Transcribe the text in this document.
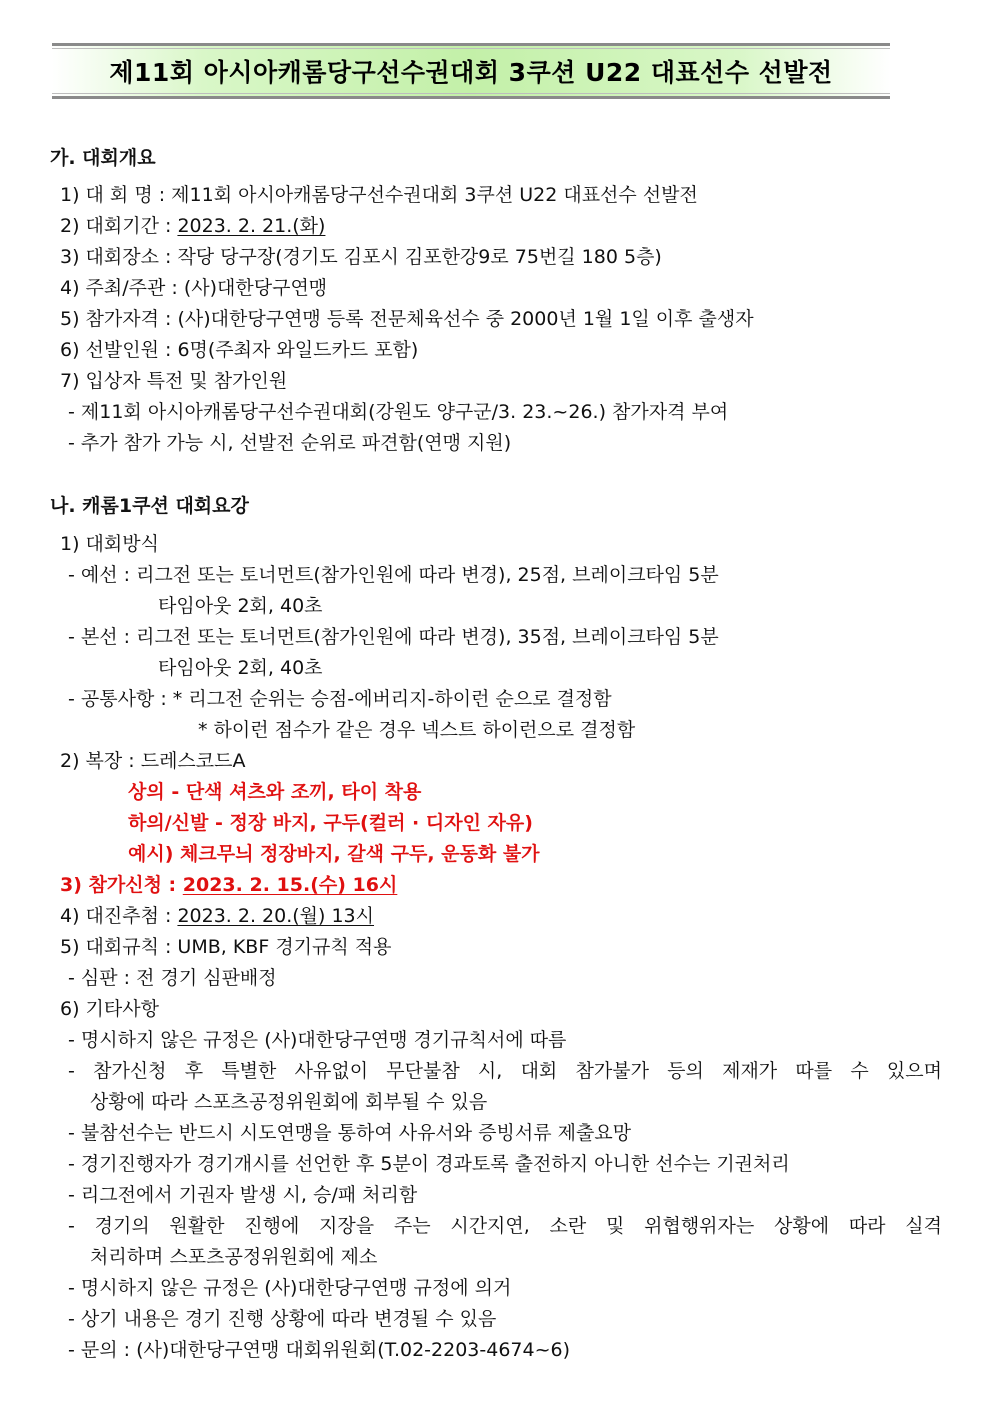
제11회 아시아캐롬당구선수권대회 3쿠션 U22 대표선수 선발전
가. 대회개요
1) 대 회 명 : 제11회 아시아캐롬당구선수권대회 3쿠션 U22 대표선수 선발전
2) 대회기간 : 2023. 2. 21.(화)
3) 대회장소 : 작당 당구장(경기도 김포시 김포한강9로 75번길 180 5층)
4) 주최/주관 : (사)대한당구연맹
5) 참가자격 : (사)대한당구연맹 등록 전문체육선수 중 2000년 1월 1일 이후 출생자
6) 선발인원 : 6명(주최자 와일드카드 포함)
7) 입상자 특전 및 참가인원
- 제11회 아시아캐롬당구선수권대회(강원도 양구군/3. 23.~26.) 참가자격 부여
- 추가 참가 가능 시, 선발전 순위로 파견함(연맹 지원)
나. 캐롬1쿠션 대회요강
1) 대회방식
- 예선 : 리그전 또는 토너먼트(참가인원에 따라 변경), 25점, 브레이크타임 5분
타임아웃 2회, 40초
- 본선 : 리그전 또는 토너먼트(참가인원에 따라 변경), 35점, 브레이크타임 5분
타임아웃 2회, 40초
- 공통사항 : * 리그전 순위는 승점-에버리지-하이런 순으로 결정함
* 하이런 점수가 같은 경우 넥스트 하이런으로 결정함
2) 복장 : 드레스코드A
상의 - 단색 셔츠와 조끼, 타이 착용
하의/신발 - 정장 바지, 구두(컬러 · 디자인 자유)
예시) 체크무늬 정장바지, 갈색 구두, 운동화 불가
3) 참가신청 : 2023. 2. 15.(수) 16시
4) 대진추첨 : 2023. 2. 20.(월) 13시
5) 대회규칙 : UMB, KBF 경기규칙 적용
- 심판 : 전 경기 심판배정
6) 기타사항
- 명시하지 않은 규정은 (사)대한당구연맹 경기규칙서에 따름
- 참가신청 후 특별한 사유없이 무단불참 시, 대회 참가불가 등의 제재가 따를 수 있으며
상황에 따라 스포츠공정위원회에 회부될 수 있음
- 불참선수는 반드시 시도연맹을 통하여 사유서와 증빙서류 제출요망
- 경기진행자가 경기개시를 선언한 후 5분이 경과토록 출전하지 아니한 선수는 기권처리
- 리그전에서 기권자 발생 시, 승/패 처리함
- 경기의 원활한 진행에 지장을 주는 시간지연, 소란 및 위협행위자는 상황에 따라 실격
처리하며 스포츠공정위원회에 제소
- 명시하지 않은 규정은 (사)대한당구연맹 규정에 의거
- 상기 내용은 경기 진행 상황에 따라 변경될 수 있음
- 문의 : (사)대한당구연맹 대회위원회(T.02-2203-4674~6)
